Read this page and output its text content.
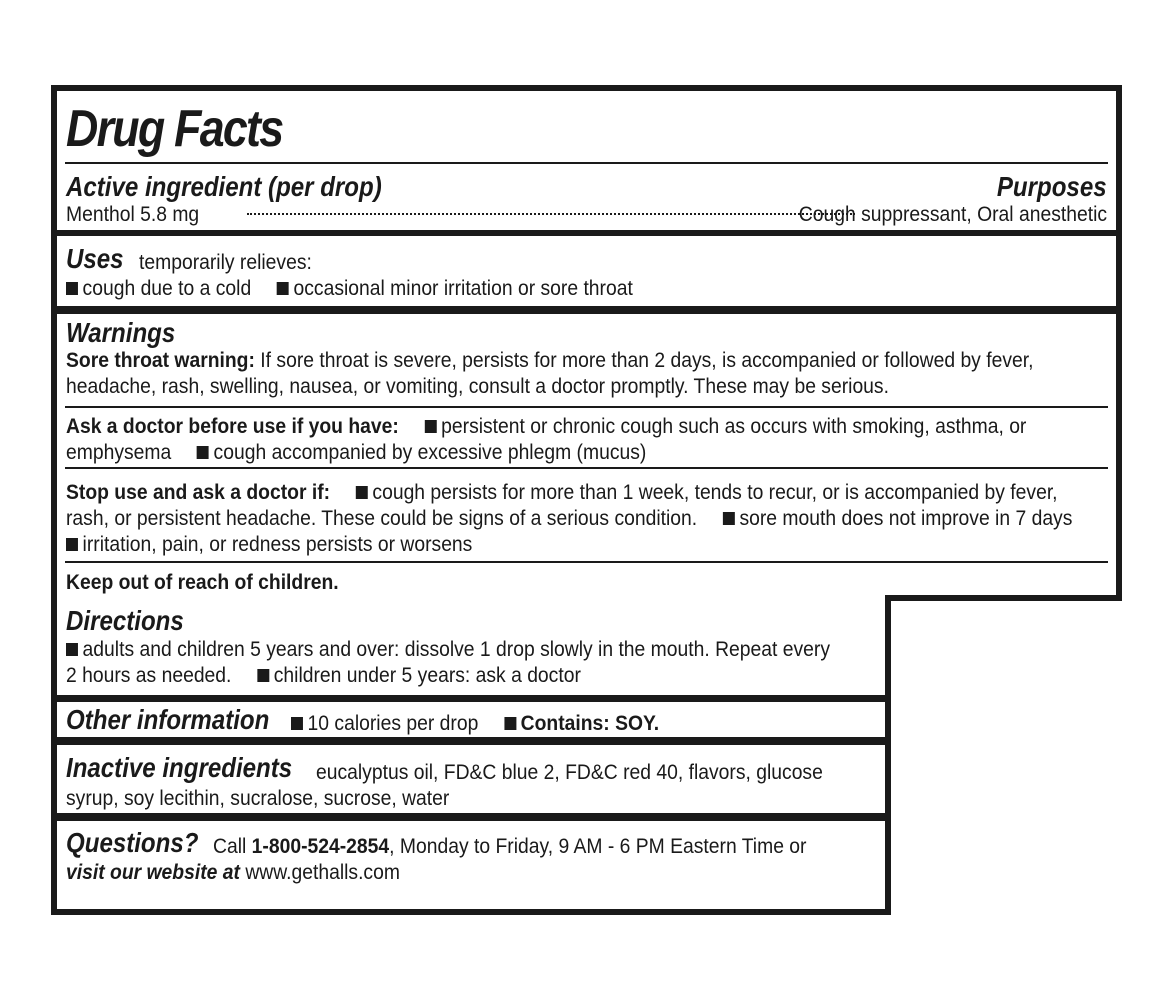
Drug Facts
Active ingredient (per drop)	Purposes
Menthol 5.8 mg	Cough suppressant, Oral anesthetic
Uses temporarily relieves:
cough due to a cold occasional minor irritation or sore throat
Warnings
Sore throat warning: If sore throat is severe, persists for more than 2 days, is accompanied or followed by fever,
headache, rash, swelling, nausea, or vomiting, consult a doctor promptly. These may be serious.
Ask a doctor before use if you have: persistent or chronic cough such as occurs with smoking, asthma, or
emphysema cough accompanied by excessive phlegm (mucus)
Stop use and ask a doctor if: cough persists for more than 1 week, tends to recur, or is accompanied by fever,
rash, or persistent headache. These could be signs of a serious condition. sore mouth does not improve in 7 days
irritation, pain, or redness persists or worsens
Keep out of reach of children.
Directions
adults and children 5 years and over: dissolve 1 drop slowly in the mouth. Repeat every
2 hours as needed. children under 5 years: ask a doctor
Other information	10 calories per drop Contains: SOY.
Inactive ingredients eucalyptus oil, FD&C blue 2, FD&C red 40, flavors, glucose
syrup, soy lecithin, sucralose, sucrose, water
Questions? Call 1-800-524-2854, Monday to Friday, 9 AM - 6 PM Eastern Time or
visit our website at www.gethalls.com
